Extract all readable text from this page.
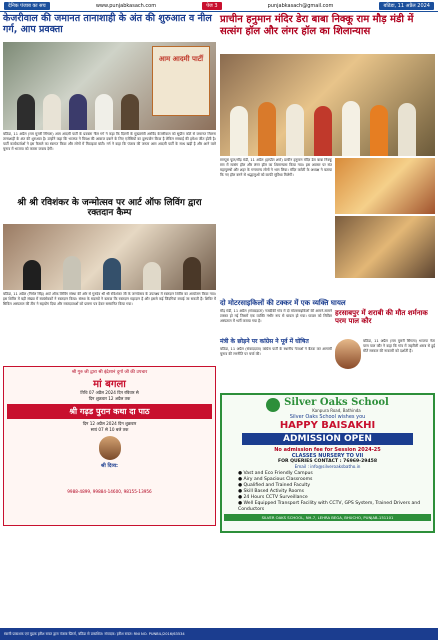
देनिक पंजाब का सच	www.punjabkasach.com	पेज 3	punjabkasach@gmail.com	बठिंडा, 11 अप्रैल 2024
केजरीवाल की जमानत तानाशाही के अंत की शुरुआत व नील गर्ग, आप प्रवक्ता
आम आदमी पार्टी
बठिंडा, 11 अप्रैल (राम मुरारी सिंगला) आम आदमी पार्टी के प्रवक्ता नील गर्ग ने कहा कि दिल्ली के मुख्यमंत्री अरविंद केजरीवाल को सुप्रीम कोर्ट से जमानत मिलना तानाशाही के अंत की शुरुआत है। उन्होंने कहा कि भाजपा ने विपक्ष की आवाज दबाने के लिए एजेंसियों का दुरुपयोग किया है लेकिन सच्चाई की हमेशा जीत होती है। पार्टी कार्यकर्ताओं ने इस फैसले का स्वागत किया और लोगों में मिठाइयां बांटी। गर्ग ने कहा कि पंजाब की जनता आम आदमी पार्टी के साथ खड़ी है और आने वाले चुनाव में भाजपा को करारा जवाब देगी।
श्री श्री रविशंकर के जन्मोत्सव पर आर्ट ऑफ लिविंग द्वारा रक्तदान कैम्प
बठिंडा, 11 अप्रैल (निर्मल सिंह) आर्ट ऑफ लिविंग संस्था की ओर से गुरुदेव श्री श्री रविशंकर जी के जन्मोत्सव के उपलक्ष्य में रक्तदान शिविर का आयोजन किया गया। इस शिविर में बड़ी संख्या में स्वयंसेवकों ने रक्तदान किया। संस्था के सदस्यों ने बताया कि रक्तदान महादान है और इससे कई जिंदगियां बचाई जा सकती हैं। शिविर में सिविल अस्पताल की टीम ने सहयोग दिया और रक्तदाताओं को प्रमाण पत्र देकर सम्मानित किया गया।
श्री गुरु जी द्वारा श्री इंद्रेशानं दुर्गा जी की उपचार
मां बगला
तिथि 07 अप्रैल 2024 दिन रविवार से
दिन शुक्रवार 12 अप्रैल तक
श्री गढ़ड पुरान कथा दा पाठ
दिन 12 अप्रैल 2024 दिन शुक्रवार
सायं 07 से 10 बजे तक
श्री दिव्य:
9988-4899, 99884-14600, 98155-13956
प्राचीन हनुमान मंदिर डेरा बाबा निक्कू राम मौड़ मंडी में सत्संग हॉल और लंगर हॉल का शिलान्यास
रामपुरा फूल/मौड़ मंडी, 11 अप्रैल (हरप्रीत शर्मा) प्राचीन हनुमान मंदिर डेरा बाबा निक्कू राम में सत्संग हॉल और लंगर हॉल का शिलान्यास किया गया। इस अवसर पर संत महापुरुषों और शहर के गणमान्य लोगों ने भाग लिया। मंदिर कमेटी के अध्यक्ष ने बताया कि नए हॉल बनने से श्रद्धालुओं को काफी सुविधा मिलेगी।
दो मोटरसाइकिलों की टक्कर में एक व्यक्ति घायल
मौड़ मंडी, 11 अप्रैल (संवाददाता) नजदीकी गांव में दो मोटरसाइकिलों की आमने-सामने टक्कर हो गई जिसमें एक व्यक्ति गंभीर रूप से घायल हो गया। घायल को सिविल अस्पताल में भर्ती कराया गया है।
हरसाबपुर में शराबी की मौत शर्मनाक परम पाल कौर
मंत्री के छोड़ने पर कांग्रेस ने पूर्व में घोषित
बठिंडा, 11 अप्रैल (संवाददाता) कांग्रेस पार्टी के स्थानीय नेताओं ने बैठक कर आगामी चुनाव की रणनीति पर चर्चा की।
बठिंडा, 11 अप्रैल (राम मुरारी सिंगला) भाजपा नेता परम पाल कौर ने कहा कि गांव में जहरीली शराब से हुई मौतें सरकार की नाकामी को दर्शाती हैं।
Silver Oaks School
Kanpura Road, Bathinda
Silver Oaks School wishes you
HAPPY BAISAKHI
ADMISSION OPEN
No admission fee for Session 2024-25
CLASSES NURSERY TO VII
FOR QUERIES CONTACT : 76969-29458
Email : info@silveroaksbatho.in
● Vast and Eco Friendly Campus
● Airy and Spacious Classrooms
● Qualified and Trained Faculty
● Skill Based Activity Rooms
● 24 Hours CCTV Surveillance
● Well Equipped Transport Facility with CCTV, GPS System, Trained Drivers and Conductors
SILVER OAKS SCHOOL, NH-7, LEHRA BEGA, BHUCHO, PUNJAB-151101
स्वामी प्रकाशक एवं मुद्रक हरीश रावत द्वारा पंजाब प्रिंटर्स, बठिंडा से प्रकाशित। संपादक: हरीश रावत। RNI NO. PUNBIL/2016/63534
